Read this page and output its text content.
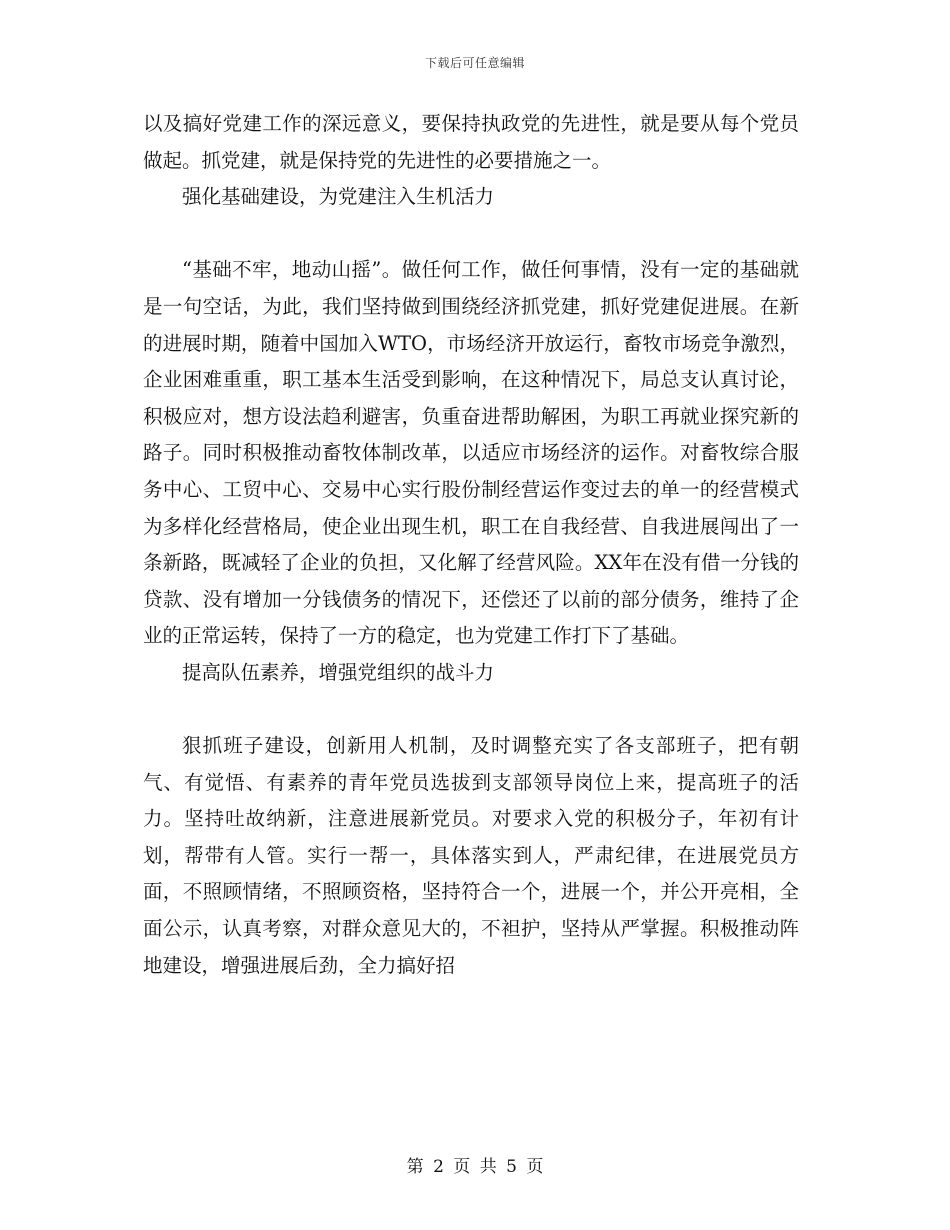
下载后可任意编辑

以及搞好党建工作的深远意义，要保持执政党的先进性，就是要从每个党员做起。抓党建，就是保持党的先进性的必要措施之一。

强化基础建设，为党建注入生机活力

“基础不牢，地动山摇”。做任何工作，做任何事情，没有一定的基础就是一句空话，为此，我们坚持做到围绕经济抓党建，抓好党建促进展。在新的进展时期，随着中国加入WTO，市场经济开放运行，畜牧市场竞争激烈，企业困难重重，职工基本生活受到影响，在这种情况下，局总支认真讨论，积极应对，想方设法趋利避害，负重奋进帮助解困，为职工再就业探究新的路子。同时积极推动畜牧体制改革，以适应市场经济的运作。对畜牧综合服务中心、工贸中心、交易中心实行股份制经营运作变过去的单一的经营模式为多样化经营格局，使企业出现生机，职工在自我经营、自我进展闯出了一条新路，既减轻了企业的负担，又化解了经营风险。XX年在没有借一分钱的贷款、没有增加一分钱债务的情况下，还偿还了以前的部分债务，维持了企业的正常运转，保持了一方的稳定，也为党建工作打下了基础。

提高队伍素养，增强党组织的战斗力

狠抓班子建设，创新用人机制，及时调整充实了各支部班子，把有朝气、有觉悟、有素养的青年党员选拔到支部领导岗位上来，提高班子的活力。坚持吐故纳新，注意进展新党员。对要求入党的积极分子，年初有计划，帮带有人管。实行一帮一，具体落实到人，严肃纪律，在进展党员方面，不照顾情绪，不照顾资格，坚持符合一个，进展一个，并公开亮相，全面公示，认真考察，对群众意见大的，不袒护，坚持从严掌握。积极推动阵地建设，增强进展后劲，全力搞好招

第 2 页 共 5 页
